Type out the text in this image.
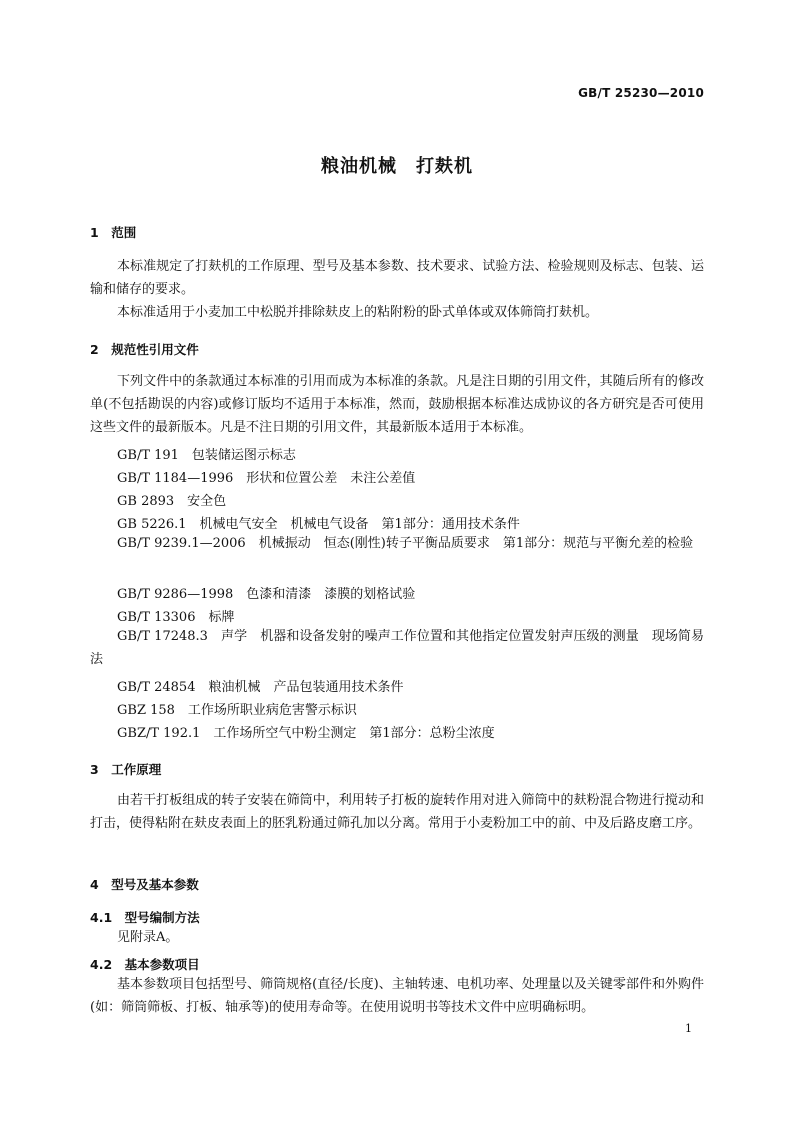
GB/T 25230—2010
粮油机械　打麸机
1　范围
本标准规定了打麸机的工作原理、型号及基本参数、技术要求、试验方法、检验规则及标志、包装、运输和储存的要求。
本标准适用于小麦加工中松脱并排除麸皮上的粘附粉的卧式单体或双体筛筒打麸机。
2　规范性引用文件
下列文件中的条款通过本标准的引用而成为本标准的条款。凡是注日期的引用文件，其随后所有的修改单(不包括勘误的内容)或修订版均不适用于本标准，然而，鼓励根据本标准达成协议的各方研究是否可使用这些文件的最新版本。凡是不注日期的引用文件，其最新版本适用于本标准。
GB/T 191　包装储运图示标志
GB/T 1184—1996　形状和位置公差　未注公差值
GB 2893　安全色
GB 5226.1　机械电气安全　机械电气设备　第1部分：通用技术条件
GB/T 9239.1—2006　机械振动　恒态(刚性)转子平衡品质要求　第1部分：规范与平衡允差的检验
GB/T 9286—1998　色漆和清漆　漆膜的划格试验
GB/T 13306　标牌
GB/T 17248.3　声学　机器和设备发射的噪声工作位置和其他指定位置发射声压级的测量　现场简易法
GB/T 24854　粮油机械　产品包装通用技术条件
GBZ 158　工作场所职业病危害警示标识
GBZ/T 192.1　工作场所空气中粉尘测定　第1部分：总粉尘浓度
3　工作原理
由若干打板组成的转子安装在筛筒中，利用转子打板的旋转作用对进入筛筒中的麸粉混合物进行搅动和打击，使得粘附在麸皮表面上的胚乳粉通过筛孔加以分离。常用于小麦粉加工中的前、中及后路皮磨工序。
4　型号及基本参数
4.1　型号编制方法
见附录A。
4.2　基本参数项目
基本参数项目包括型号、筛筒规格(直径/长度)、主轴转速、电机功率、处理量以及关键零部件和外购件(如：筛筒筛板、打板、轴承等)的使用寿命等。在使用说明书等技术文件中应明确标明。
1
